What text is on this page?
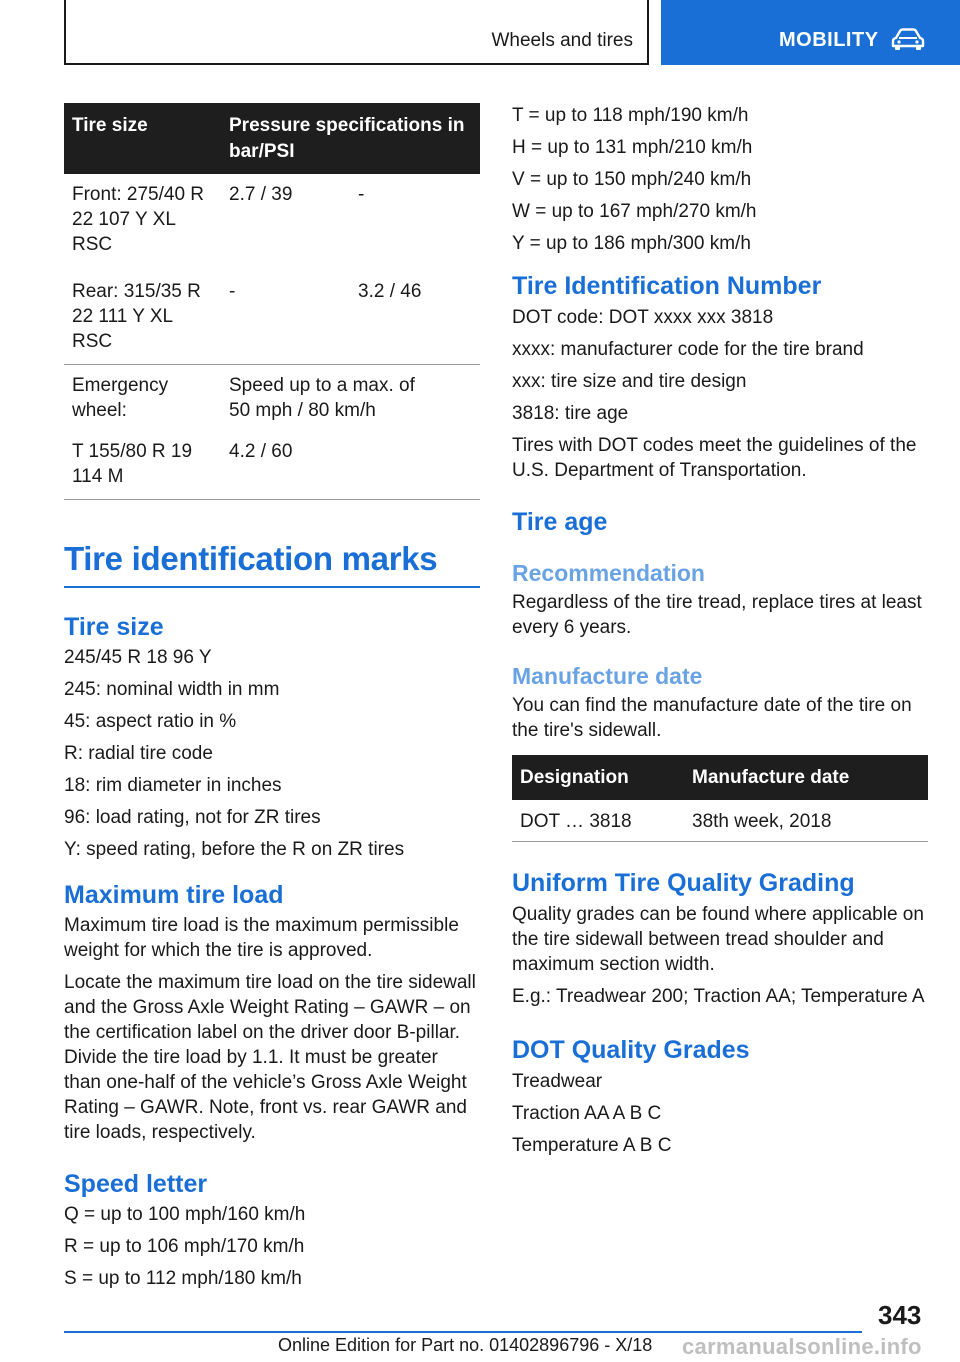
Wheels and tires	MOBILITY
Tire size	Pressure specifications in bar/PSI	
Front: 275/40 R 22 107 Y XL RSC	2.7 / 39	-
Rear: 315/35 R 22 111 Y XL RSC	-	3.2 / 46
Emergency wheel:	Speed up to a max. of 50 mph / 80 km/h	
T 155/80 R 19 114 M	4.2 / 60	
Tire identification marks
Tire size

245/45 R 18 96 Y

245: nominal width in mm

45: aspect ratio in %

R: radial tire code

18: rim diameter in inches

96: load rating, not for ZR tires

Y: speed rating, before the R on ZR tires

Maximum tire load

Maximum tire load is the maximum permissible weight for which the tire is approved.

Locate the maximum tire load on the tire sidewall and the Gross Axle Weight Rating – GAWR – on the certification label on the driver door B-pillar. Divide the tire load by 1.1. It must be greater than one-half of the vehicle’s Gross Axle Weight Rating – GAWR. Note, front vs. rear GAWR and tire loads, respectively.

Speed letter

Q = up to 100 mph/160 km/h

R = up to 106 mph/170 km/h

S = up to 112 mph/180 km/h

T = up to 118 mph/190 km/h

H = up to 131 mph/210 km/h

V = up to 150 mph/240 km/h

W = up to 167 mph/270 km/h

Y = up to 186 mph/300 km/h

Tire Identification Number

DOT code: DOT xxxx xxx 3818

xxxx: manufacturer code for the tire brand

xxx: tire size and tire design

3818: tire age

Tires with DOT codes meet the guidelines of the U.S. Department of Transportation.

Tire age
Recommendation

Regardless of the tire tread, replace tires at least every 6 years.

Manufacture date

You can find the manufacture date of the tire on the tire's sidewall.

Designation	Manufacture date
DOT … 3818	38th week, 2018
Uniform Tire Quality Grading

Quality grades can be found where applicable on the tire sidewall between tread shoulder and maximum section width.

E.g.: Treadwear 200; Traction AA; Temperature A

DOT Quality Grades

Treadwear

Traction AA A B C

Temperature A B C

343
Online Edition for Part no. 01402896796 - X/18 carmanualsonline.info
